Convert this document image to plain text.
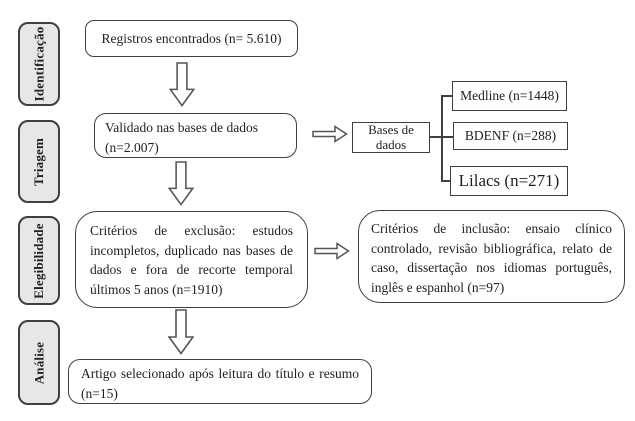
Identificação
Triagem
Elegibilidade
Análise
Registros encontrados (n= 5.610)
Validado nas bases de dados (n=2.007)
Critérios de exclusão: estudos incompletos, duplicado nas bases de dados e fora de recorte temporal últimos 5 anos (n=1910)
Artigo selecionado após leitura do título e resumo (n=15)
Bases de dados
Medline (n=1448)
BDENF (n=288)
Lilacs (n=271)
Critérios de inclusão: ensaio clínico controlado, revisão bibliográfica, relato de caso, dissertação nos idiomas português, inglês e espanhol (n=97)
